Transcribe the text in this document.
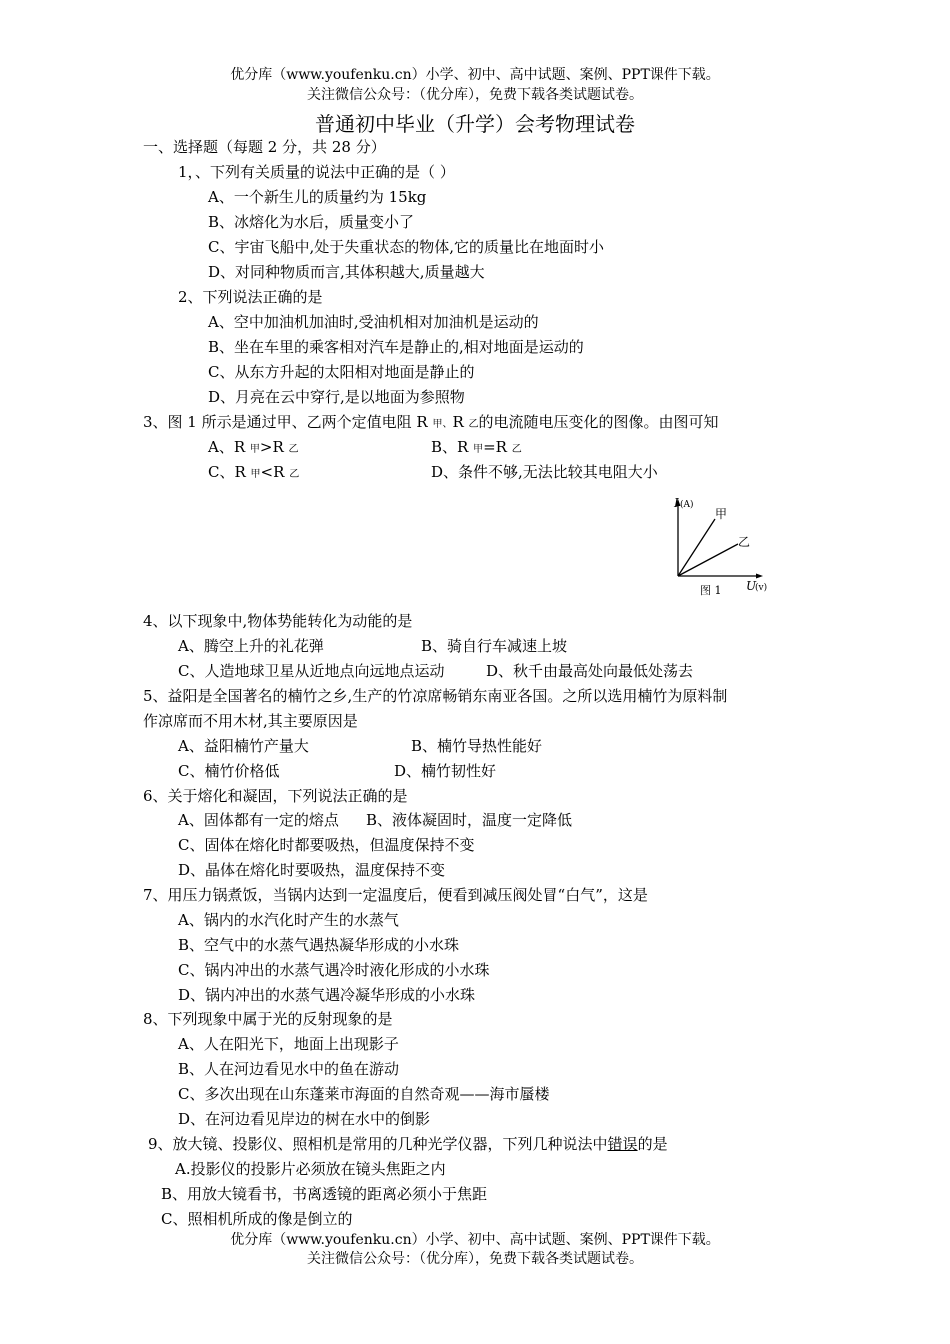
优分库（www.youfenku.cn）小学、初中、高中试题、案例、PPT课件下载。
关注微信公众号：（优分库），免费下载各类试题试卷。
普通初中毕业（升学）会考物理试卷
一、选择题（每题 2 分，共 28 分）
1，、下列有关质量的说法中正确的是（ ）
A、一个新生儿的质量约为 15kg
B、冰熔化为水后，质量变小了
C、宇宙飞船中,处于失重状态的物体,它的质量比在地面时小
D、对同种物质而言,其体积越大,质量越大
2、下列说法正确的是
A、空中加油机加油时,受油机相对加油机是运动的
B、坐在车里的乘客相对汽车是静止的,相对地面是运动的
C、从东方升起的太阳相对地面是静止的
D、月亮在云中穿行,是以地面为参照物
3、图 1 所示是通过甲、乙两个定值电阻 R 甲、R 乙的电流随电压变化的图像。由图可知
A、R 甲>R 乙	B、R 甲=R 乙
C、R 甲<R 乙	D、条件不够,无法比较其电阻大小
I (A)
甲
乙
图 1 U
(v)
4、以下现象中,物体势能转化为动能的是
A、腾空上升的礼花弹	B、骑自行车减速上坡
C、人造地球卫星从近地点向远地点运动	D、秋千由最高处向最低处荡去
5、益阳是全国著名的楠竹之乡,生产的竹凉席畅销东南亚各国。之所以选用楠竹为原料制
作凉席而不用木材,其主要原因是
A、益阳楠竹产量大	B、楠竹导热性能好
C、楠竹价格低	D、楠竹韧性好
6、关于熔化和凝固，下列说法正确的是
A、固体都有一定的熔点 B、液体凝固时，温度一定降低
C、固体在熔化时都要吸热，但温度保持不变
D、晶体在熔化时要吸热，温度保持不变
7、用压力锅煮饭，当锅内达到一定温度后，便看到减压阀处冒“白气”，这是
A、锅内的水汽化时产生的水蒸气
B、空气中的水蒸气遇热凝华形成的小水珠
C、锅内冲出的水蒸气遇冷时液化形成的小水珠
D、锅内冲出的水蒸气遇冷凝华形成的小水珠
8、下列现象中属于光的反射现象的是
A、人在阳光下，地面上出现影子
B、人在河边看见水中的鱼在游动
C、多次出现在山东蓬莱市海面的自然奇观——海市蜃楼
D、在河边看见岸边的树在水中的倒影
9、放大镜、投影仪、照相机是常用的几种光学仪器，下列几种说法中错误的是
A.投影仪的投影片必须放在镜头焦距之内
B、用放大镜看书，书离透镜的距离必须小于焦距
C、照相机所成的像是倒立的
优分库（www.youfenku.cn）小学、初中、高中试题、案例、PPT课件下载。
关注微信公众号：（优分库），免费下载各类试题试卷。
